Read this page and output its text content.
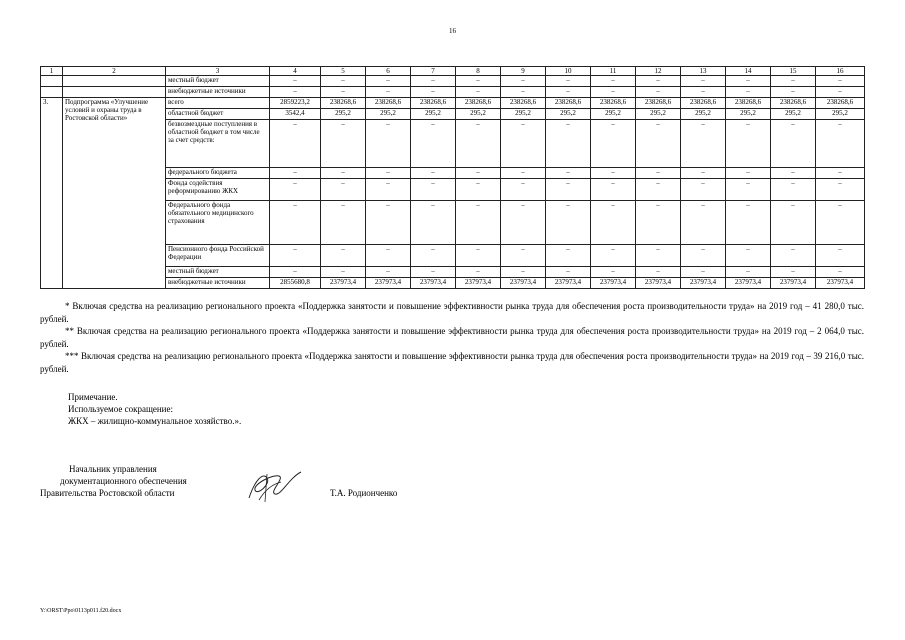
16
1	2	3	4	5	6	7	8	9	10	11	12	13	14	15	16
		местный бюджет	–	–	–	–	–	–	–	–	–	–	–	–	–
		внебюджетные источники	–	–	–	–	–	–	–	–	–	–	–	–	–
3.	Подпрограмма «Улучшение условий и охраны труда в Ростовской области»	всего	2859223,2	238268,6	238268,6	238268,6	238268,6	238268,6	238268,6	238268,6	238268,6	238268,6	238268,6	238268,6	238268,6
		областной бюджет	3542,4	295,2	295,2	295,2	295,2	295,2	295,2	295,2	295,2	295,2	295,2	295,2	295,2
		безвозмездные поступления в областной бюджет в том числе за счет средств:	–	–	–	–	–	–	–	–	–	–	–	–	–
		федерального бюджета	–	–	–	–	–	–	–	–	–	–	–	–	–
		Фонда содействия реформированию ЖКХ	–	–	–	–	–	–	–	–	–	–	–	–	–
		Федерального фонда обязательного медицинского страхования	–	–	–	–	–	–	–	–	–	–	–	–	–
		Пенсионного фонда Российской Федерации	–	–	–	–	–	–	–	–	–	–	–	–	–
		местный бюджет	–	–	–	–	–	–	–	–	–	–	–	–	–
		внебюджетные источники	2855680,8	237973,4	237973,4	237973,4	237973,4	237973,4	237973,4	237973,4	237973,4	237973,4	237973,4	237973,4	237973,4
* Включая средства на реализацию регионального проекта «Поддержка занятости и повышение эффективности рынка труда для обеспечения роста производительности труда» на 2019 год – 41 280,0 тыс. рублей.
** Включая средства на реализацию регионального проекта «Поддержка занятости и повышение эффективности рынка труда для обеспечения роста производительности труда» на 2019 год – 2 064,0 тыс. рублей.
*** Включая средства на реализацию регионального проекта «Поддержка занятости и повышение эффективности рынка труда для обеспечения роста производительности труда» на 2019 год – 39 216,0 тыс. рублей.
Примечание.
Используемое сокращение:
ЖКХ – жилищно-коммунальное хозяйство.».
Начальник управления
документационного обеспечения
Правительства Ростовской области	Т.А. Родионченко
Y:\ORST\Ppo\0113p011.f20.docx
